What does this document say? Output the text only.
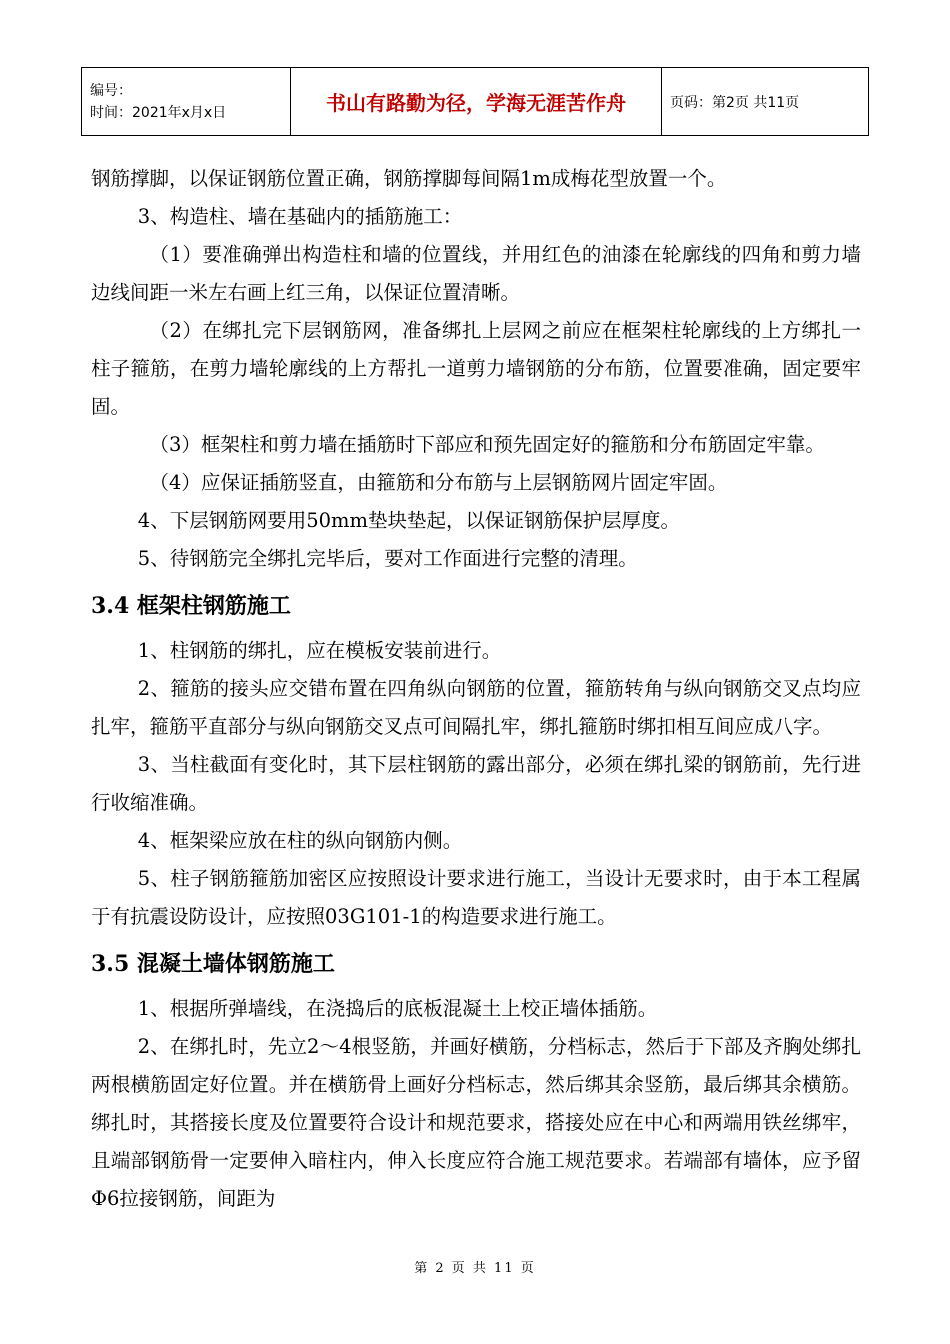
编号：
时间：2021年x月x日	书山有路勤为径，学海无涯苦作舟	页码：第2页 共11页

钢筋撑脚，以保证钢筋位置正确，钢筋撑脚每间隔1m成梅花型放置一个。

3、构造柱、墙在基础内的插筋施工：

（1）要准确弹出构造柱和墙的位置线，并用红色的油漆在轮廓线的四角和剪力墙边线间距一米左右画上红三角，以保证位置清晰。

（2）在绑扎完下层钢筋网，准备绑扎上层网之前应在框架柱轮廓线的上方绑扎一柱子箍筋，在剪力墙轮廓线的上方帮扎一道剪力墙钢筋的分布筋，位置要准确，固定要牢固。

（3）框架柱和剪力墙在插筋时下部应和预先固定好的箍筋和分布筋固定牢靠。

（4）应保证插筋竖直，由箍筋和分布筋与上层钢筋网片固定牢固。

4、下层钢筋网要用50mm垫块垫起，以保证钢筋保护层厚度。

5、待钢筋完全绑扎完毕后，要对工作面进行完整的清理。

3.4 框架柱钢筋施工

1、柱钢筋的绑扎，应在模板安装前进行。

2、箍筋的接头应交错布置在四角纵向钢筋的位置，箍筋转角与纵向钢筋交叉点均应扎牢，箍筋平直部分与纵向钢筋交叉点可间隔扎牢，绑扎箍筋时绑扣相互间应成八字。

3、当柱截面有变化时，其下层柱钢筋的露出部分，必须在绑扎梁的钢筋前，先行进行收缩准确。

4、框架梁应放在柱的纵向钢筋内侧。

5、柱子钢筋箍筋加密区应按照设计要求进行施工，当设计无要求时，由于本工程属于有抗震设防设计，应按照03G101-1的构造要求进行施工。

3.5 混凝土墙体钢筋施工

1、根据所弹墙线，在浇捣后的底板混凝土上校正墙体插筋。

2、在绑扎时，先立2～4根竖筋，并画好横筋，分档标志，然后于下部及齐胸处绑扎两根横筋固定好位置。并在横筋骨上画好分档标志，然后绑其余竖筋，最后绑其余横筋。绑扎时，其搭接长度及位置要符合设计和规范要求，搭接处应在中心和两端用铁丝绑牢，且端部钢筋骨一定要伸入暗柱内，伸入长度应符合施工规范要求。若端部有墙体，应予留Φ6拉接钢筋，间距为

第 2 页 共 11 页
